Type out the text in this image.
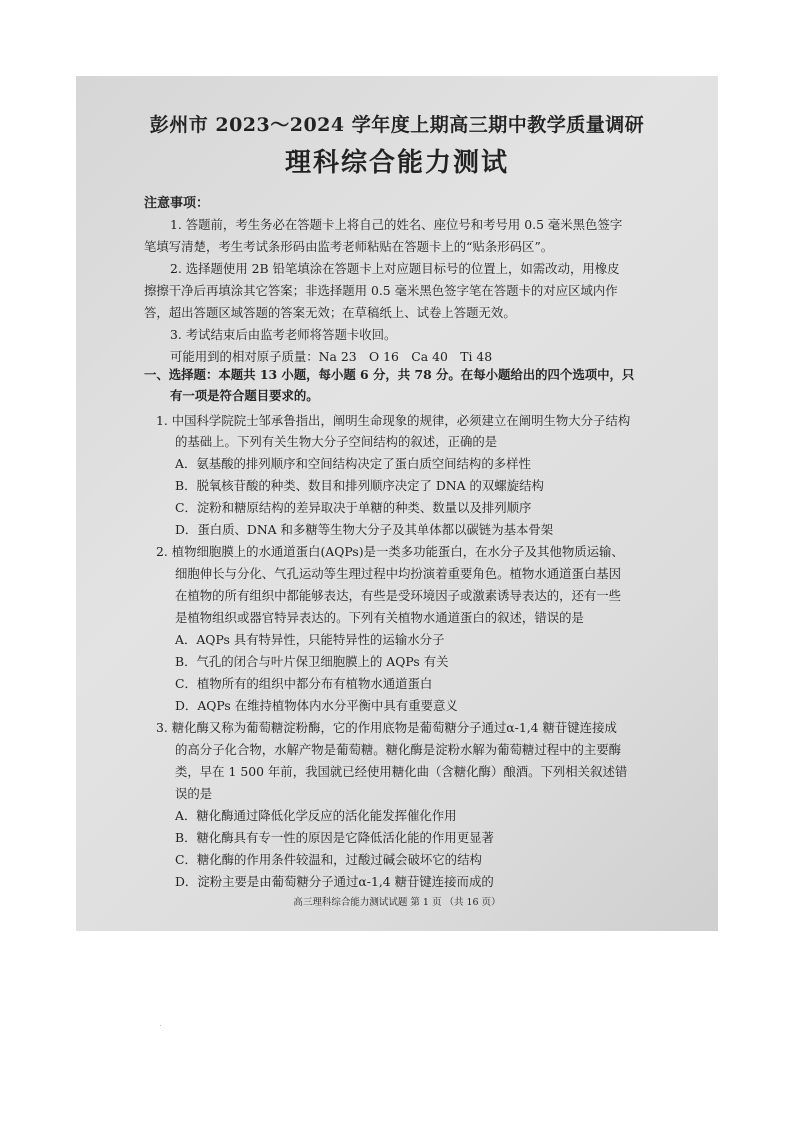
彭州市 2023～2024 学年度上期高三期中教学质量调研
理科综合能力测试
注意事项：
1. 答题前，考生务必在答题卡上将自己的姓名、座位号和考号用 0.5 毫米黑色签字
笔填写清楚，考生考试条形码由监考老师粘贴在答题卡上的“贴条形码区”。
2. 选择题使用 2B 铅笔填涂在答题卡上对应题目标号的位置上，如需改动，用橡皮
擦擦干净后再填涂其它答案；非选择题用 0.5 毫米黑色签字笔在答题卡的对应区域内作
答，超出答题区域答题的答案无效；在草稿纸上、试卷上答题无效。
3. 考试结束后由监考老师将答题卡收回。
可能用到的相对原子质量：Na 23　O 16　Ca 40　Ti 48
一、选择题：本题共 13 小题，每小题 6 分，共 78 分。在每小题给出的四个选项中，只
有一项是符合题目要求的。
1. 中国科学院院士邹承鲁指出，阐明生命现象的规律，必须建立在阐明生物大分子结构
的基础上。下列有关生物大分子空间结构的叙述，正确的是
A．氨基酸的排列顺序和空间结构决定了蛋白质空间结构的多样性
B．脱氧核苷酸的种类、数目和排列顺序决定了 DNA 的双螺旋结构
C．淀粉和糖原结构的差异取决于单糖的种类、数量以及排列顺序
D．蛋白质、DNA 和多糖等生物大分子及其单体都以碳链为基本骨架
2. 植物细胞膜上的水通道蛋白(AQPs)是一类多功能蛋白，在水分子及其他物质运输、
细胞伸长与分化、气孔运动等生理过程中均扮演着重要角色。植物水通道蛋白基因
在植物的所有组织中都能够表达，有些是受环境因子或激素诱导表达的，还有一些
是植物组织或器官特异表达的。下列有关植物水通道蛋白的叙述，错误的是
A．AQPs 具有特异性，只能特异性的运输水分子
B．气孔的闭合与叶片保卫细胞膜上的 AQPs 有关
C．植物所有的组织中都分布有植物水通道蛋白
D．AQPs 在维持植物体内水分平衡中具有重要意义
3. 糖化酶又称为葡萄糖淀粉酶，它的作用底物是葡萄糖分子通过α-1,4 糖苷键连接成
的高分子化合物，水解产物是葡萄糖。糖化酶是淀粉水解为葡萄糖过程中的主要酶
类，早在 1 500 年前，我国就已经使用糖化曲（含糖化酶）酿酒。下列相关叙述错
误的是
A．糖化酶通过降低化学反应的活化能发挥催化作用
B．糖化酶具有专一性的原因是它降低活化能的作用更显著
C．糖化酶的作用条件较温和，过酸过碱会破坏它的结构
D．淀粉主要是由葡萄糖分子通过α-1,4 糖苷键连接而成的
高三理科综合能力测试试题 第 1 页 （共 16 页）
